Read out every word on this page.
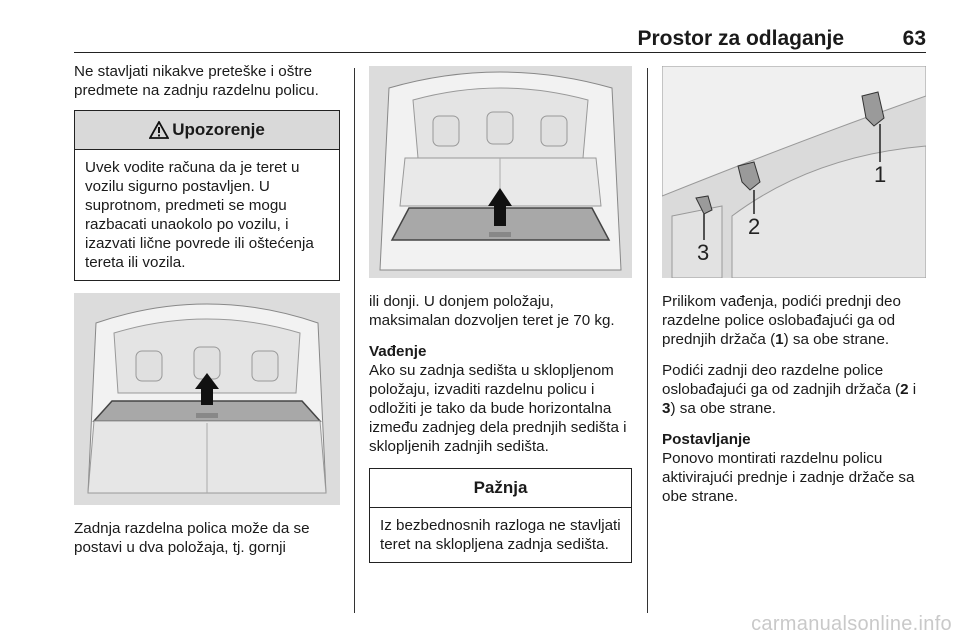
Prostor za odlaganje	63

Ne stavljati nikakve preteške i oštre predmete na zadnju razdelnu policu.

Upozorenje
Uvek vodite računa da je teret u vozilu sigurno postavljen. U suprotnom, predmeti se mogu razbacati unaokolo po vozilu, i izazvati lične povrede ili oštećenja tereta ili vozila.

Zadnja razdelna polica može da se postavi u dva položaja, tj. gornji

ili donji. U donjem položaju, maksimalan dozvoljen teret je 70 kg.

Vađenje

Ako su zadnja sedišta u sklopljenom položaju, izvaditi razdelnu policu i odložiti je tako da bude horizontalna između zadnjeg dela prednjih sedišta i sklopljenih zadnjih sedišta.

Pažnja
Iz bezbednosnih razloga ne stavljati teret na sklopljena zadnja sedišta.
1
2
3

Prilikom vađenja, podići prednji deo razdelne police oslobađajući ga od prednjih držača (1) sa obe strane.

Podići zadnji deo razdelne police oslobađajući ga od zadnjih držača (2 i 3) sa obe strane.

Postavljanje

Ponovo montirati razdelnu policu aktivirajući prednje i zadnje držače sa obe strane.

carmanualsonline.info
